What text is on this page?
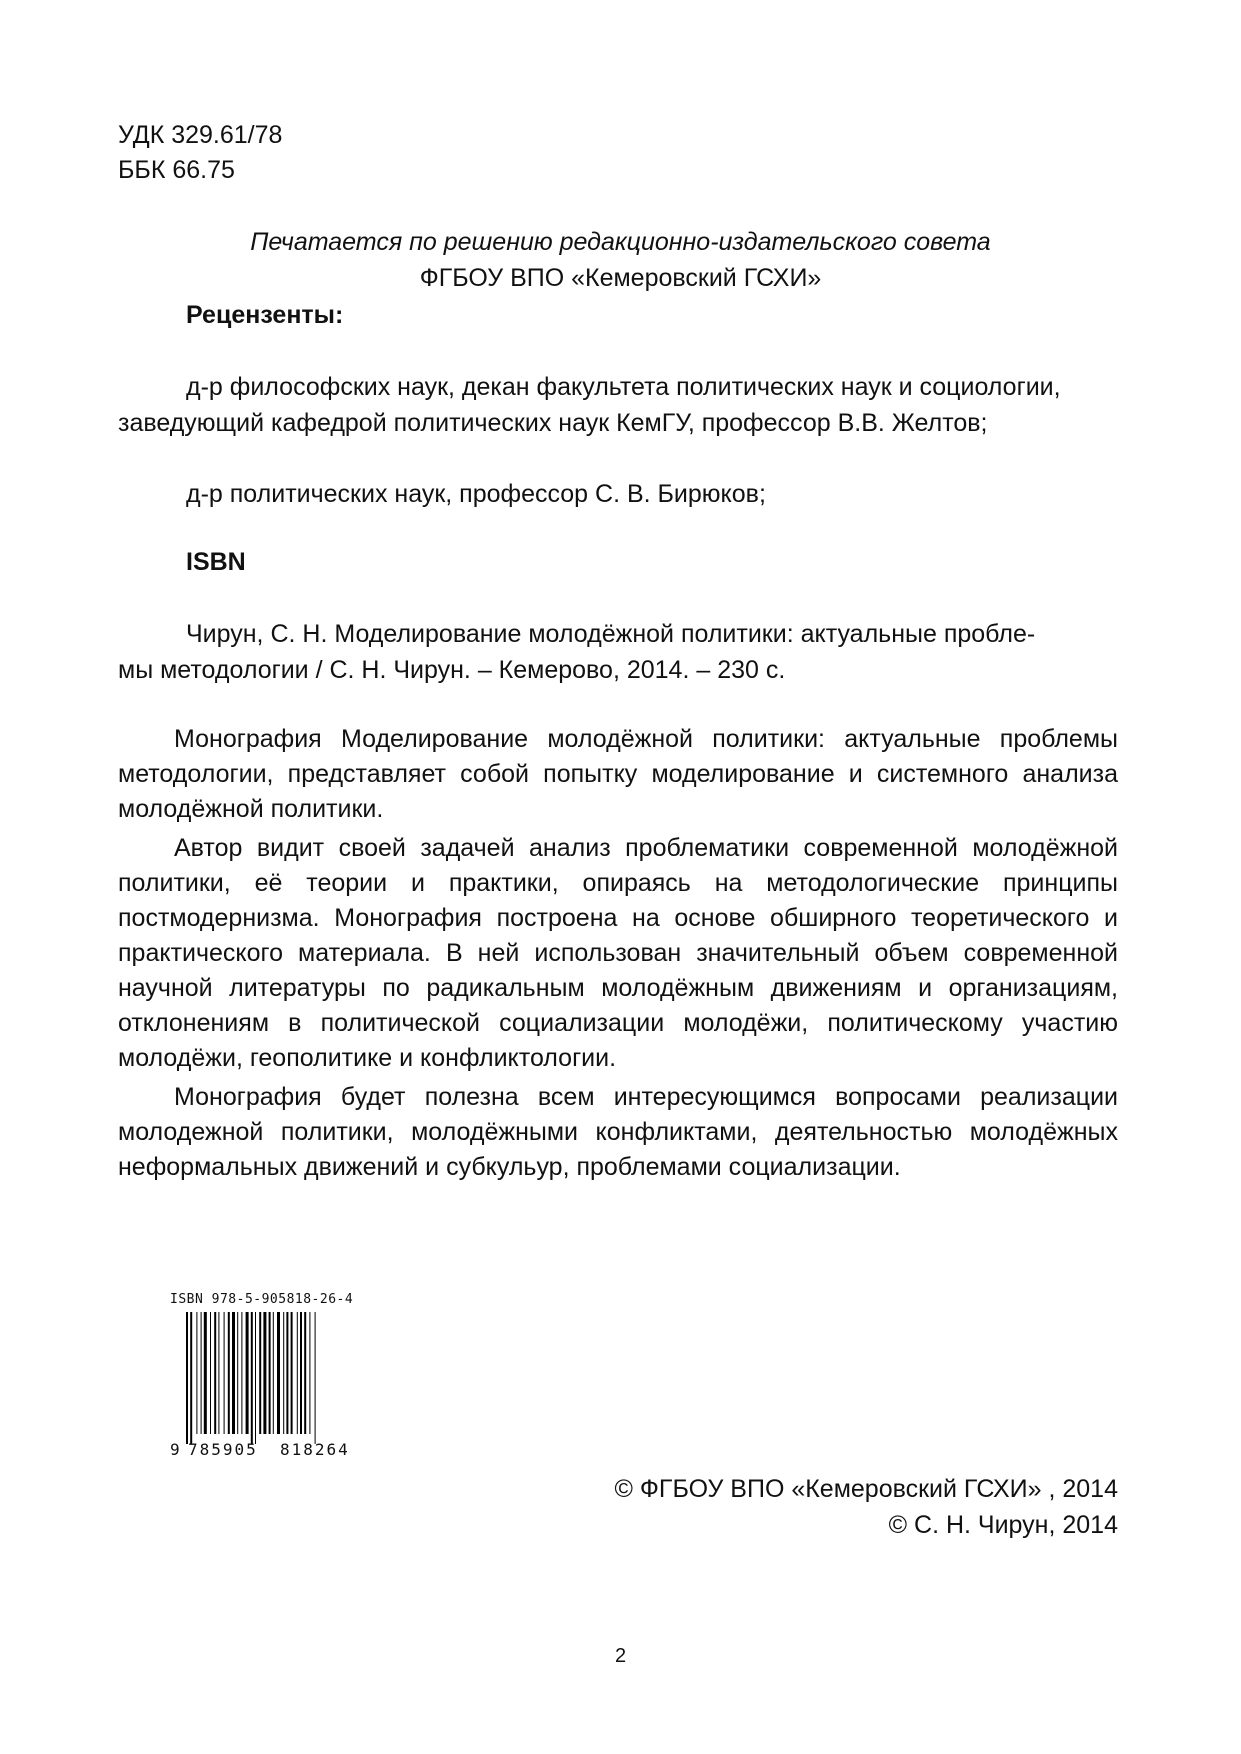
УДК 329.61/78
ББК 66.75
Печатается по решению редакционно-издательского совета
ФГБОУ ВПО «Кемеровский ГСХИ»
Рецензенты:
д-р философских наук, декан факультета политических наук и социологии,
заведующий кафедрой политических наук КемГУ, профессор В.В. Желтов;
д-р политических наук, профессор С. В. Бирюков;
ISBN
Чирун, С. Н. Моделирование молодёжной политики: актуальные пробле-
мы методологии / С. Н. Чирун. – Кемерово, 2014. – 230 с.

Монография Моделирование молодёжной политики: актуальные проблемы методологии, представляет собой попытку моделирование и системного анализа молодёжной политики.

Автор видит своей задачей анализ проблематики современной молодёжной политики, её теории и практики, опираясь на методологические принципы постмодернизма. Монография построена на основе обширного теоретического и практического материала. В ней использован значительный объем современной научной литературы по радикальным молодёжным движениям и организациям, отклонениям в политической социализации молодёжи, политическому участию молодёжи, геополитике и конфликтологии.

Монография будет полезна всем интересующимся вопросами реализации молодежной политики, молодёжными конфликтами, деятельностью молодёжных неформальных движений и субкульур, проблемами социализации.

ISBN 978-5-905818-26-4
9 785905 818264
© ФГБОУ ВПО «Кемеровский ГСХИ» , 2014
© С. Н. Чирун, 2014
2
